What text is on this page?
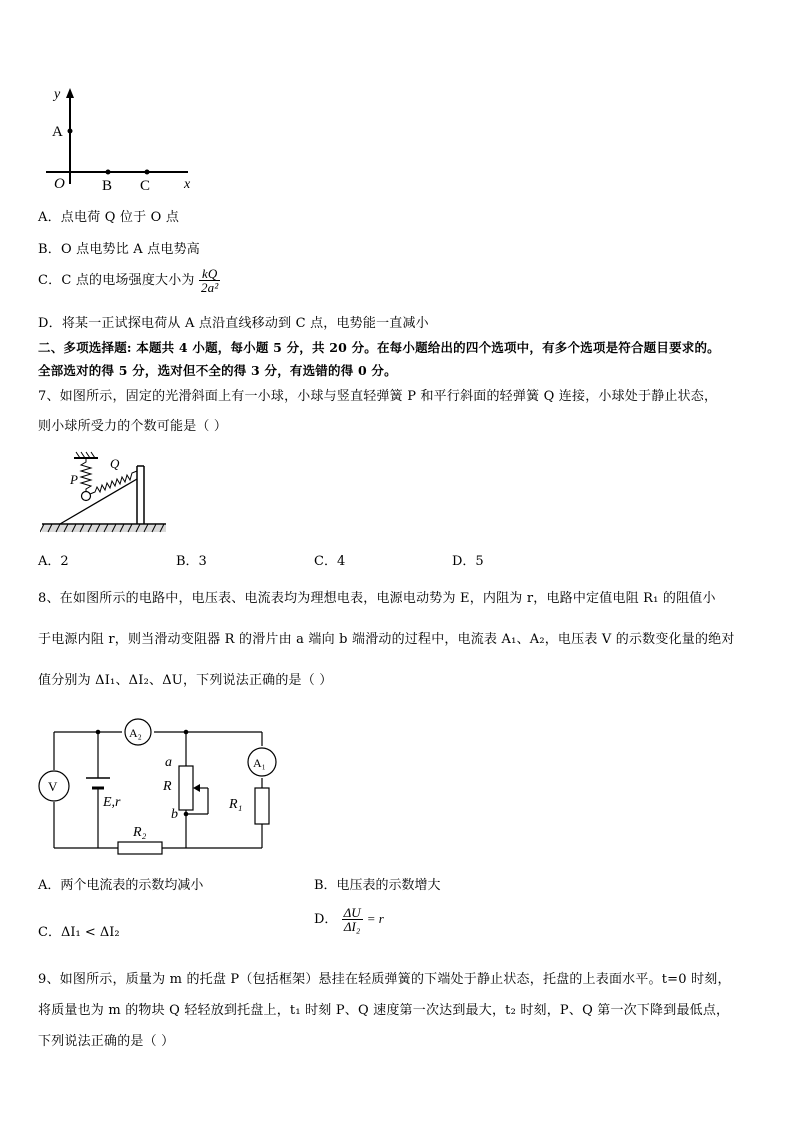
y
A
O B C x
A．点电荷 Q 位于 O 点
B．O 点电势比 A 点电势高
C．C 点的电场强度大小为 $\frac{kQ}{\text{2a²}}$
D．将某一正试探电荷从 A 点沿直线移动到 C 点，电势能一直减小
二、多项选择题: 本题共 4 小题，每小题 5 分，共 20 分。在每小题给出的四个选项中，有多个选项是符合题目要求的。
全部选对的得 5 分，选对但不全的得 3 分，有选错的得 0 分。
7、如图所示，固定的光滑斜面上有一小球，小球与竖直轻弹簧 P 和平行斜面的轻弹簧 Q 连接，小球处于静止状态，
则小球所受力的个数可能是（ ）
P
Q
A．2	B．3	C．4	D．5
8、在如图所示的电路中，电压表、电流表均为理想电表，电源电动势为 E，内阻为 r，电路中定值电阻 R₁ 的阻值小
于电源内阻 r，则当滑动变阻器 R 的滑片由 a 端向 b 端滑动的过程中，电流表 A₁、A₂，电压表 V 的示数变化量的绝对
值分别为 ΔI₁、ΔI₂、ΔU，下列说法正确的是（ ）
A₂
A₁
V
E,r
a
R
b
R₁
R₂
A．两个电流表的示数均减小	B．电压表的示数增大
C．ΔI₁ < ΔI₂
D． $\frac{\Delta U}{\text{ΔI₂}} = r$
9、如图所示，质量为 m 的托盘 P（包括框架）悬挂在轻质弹簧的下端处于静止状态，托盘的上表面水平。t=0 时刻，
将质量也为 m 的物块 Q 轻轻放到托盘上，t₁ 时刻 P、Q 速度第一次达到最大，t₂ 时刻，P、Q 第一次下降到最低点，
下列说法正确的是（ ）
